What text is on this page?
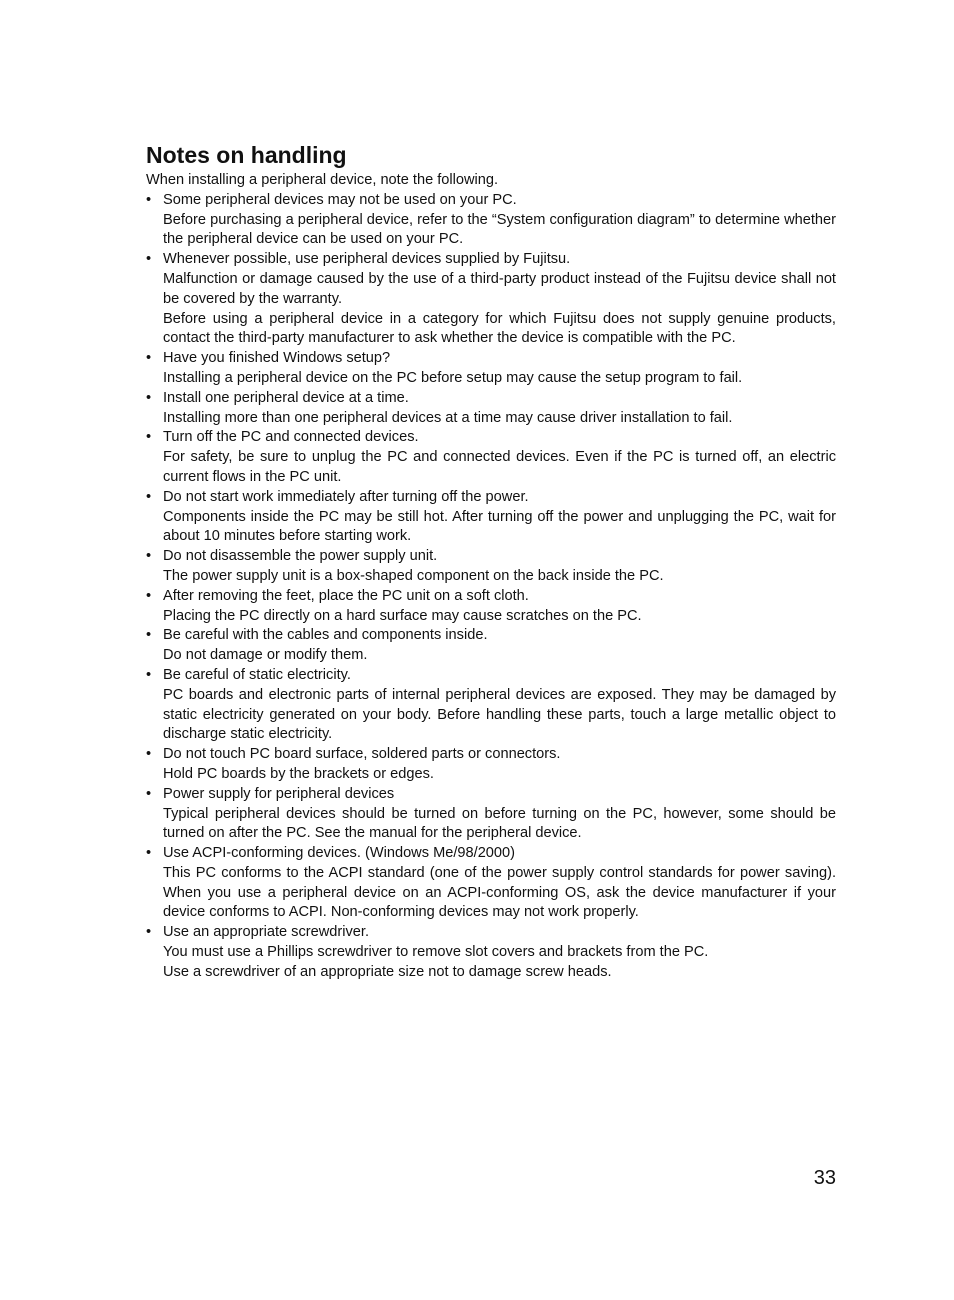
Notes on handling
When installing a peripheral device, note the following.
• Some peripheral devices may not be used on your PC.
Before purchasing a peripheral device, refer to the “System configuration diagram” to determine whether the peripheral device can be used on your PC.
• Whenever possible, use peripheral devices supplied by Fujitsu.
Malfunction or damage caused by the use of a third-party product instead of the Fujitsu device shall not be covered by the warranty.
Before using a peripheral device in a category for which Fujitsu does not supply genuine products, contact the third-party manufacturer to ask whether the device is compatible with the PC.
• Have you finished Windows setup?
Installing a peripheral device on the PC before setup may cause the setup program to fail.
• Install one peripheral device at a time.
Installing more than one peripheral devices at a time may cause driver installation to fail.
• Turn off the PC and connected devices.
For safety, be sure to unplug the PC and connected devices. Even if the PC is turned off, an electric current flows in the PC unit.
• Do not start work immediately after turning off the power.
Components inside the PC may be still hot. After turning off the power and unplugging the PC, wait for about 10 minutes before starting work.
• Do not disassemble the power supply unit.
The power supply unit is a box-shaped component on the back inside the PC.
• After removing the feet, place the PC unit on a soft cloth.
Placing the PC directly on a hard surface may cause scratches on the PC.
• Be careful with the cables and components inside.
Do not damage or modify them.
• Be careful of static electricity.
PC boards and electronic parts of internal peripheral devices are exposed. They may be damaged by static electricity generated on your body. Before handling these parts, touch a large metallic object to discharge static electricity.
• Do not touch PC board surface, soldered parts or connectors.
Hold PC boards by the brackets or edges.
• Power supply for peripheral devices
Typical peripheral devices should be turned on before turning on the PC, however, some should be turned on after the PC. See the manual for the peripheral device.
• Use ACPI-conforming devices. (Windows Me/98/2000)
This PC conforms to the ACPI standard (one of the power supply control standards for power saving). When you use a peripheral device on an ACPI-conforming OS, ask the device manufacturer if your device conforms to ACPI. Non-conforming devices may not work properly.
• Use an appropriate screwdriver.
You must use a Phillips screwdriver to remove slot covers and brackets from the PC.
Use a screwdriver of an appropriate size not to damage screw heads.
33
